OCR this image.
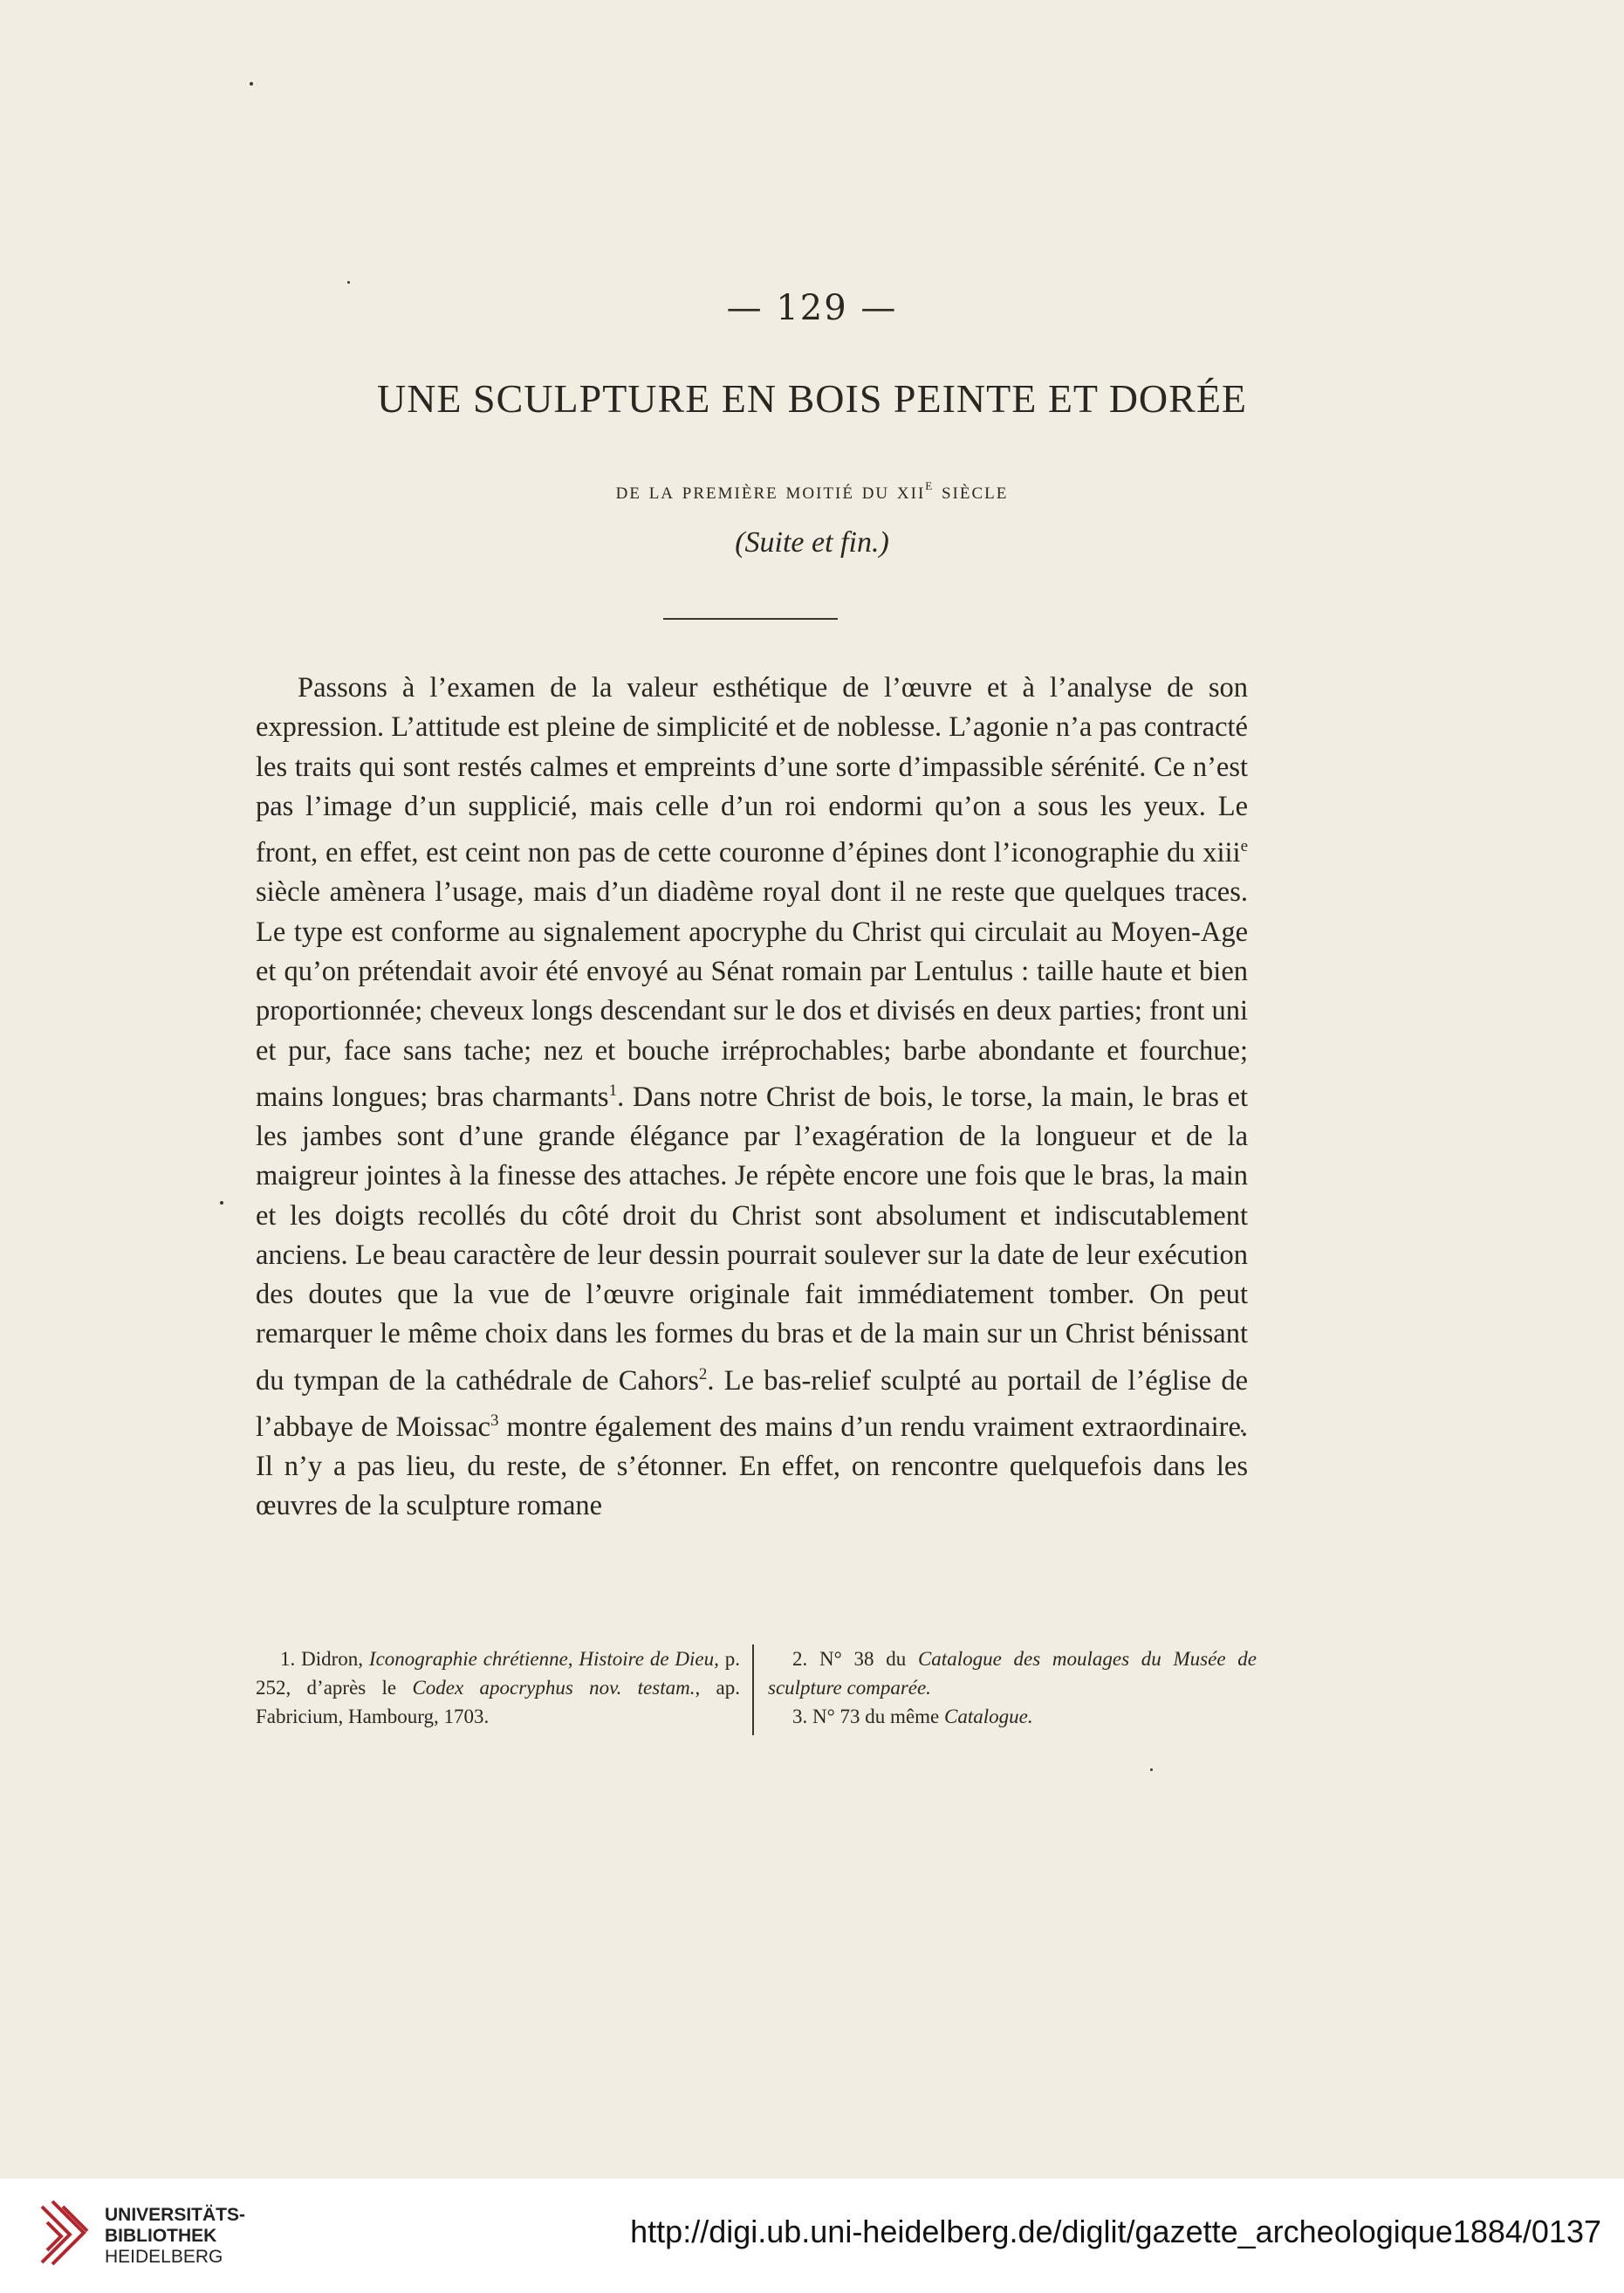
— 129 —
UNE SCULPTURE EN BOIS PEINTE ET DORÉE
de la première moitié du xii$^e$ siècle
(Suite et fin.)

Passons à l’examen de la valeur esthétique de l’œuvre et à l’analyse de son expression. L’attitude est pleine de simplicité et de noblesse. L’agonie n’a pas contracté les traits qui sont restés calmes et empreints d’une sorte d’impassible sérénité. Ce n’est pas l’image d’un supplicié, mais celle d’un roi endormi qu’on a sous les yeux. Le front, en effet, est ceint non pas de cette couronne d’épines dont l’iconographie du xiii$^e$ siècle amènera l’usage, mais d’un diadème royal dont il ne reste que quelques traces. Le type est conforme au signalement apocryphe du Christ qui circulait au Moyen-Age et qu’on prétendait avoir été envoyé au Sénat romain par Lentulus : taille haute et bien proportionnée; cheveux longs descendant sur le dos et divisés en deux parties; front uni et pur, face sans tache; nez et bouche irréprochables; barbe abondante et fourchue; mains longues; bras charmants$^1$. Dans notre Christ de bois, le torse, la main, le bras et les jambes sont d’une grande élégance par l’exagération de la longueur et de la maigreur jointes à la finesse des attaches. Je répète encore une fois que le bras, la main et les doigts recollés du côté droit du Christ sont absolument et indiscutablement anciens. Le beau caractère de leur dessin pourrait soulever sur la date de leur exécution des doutes que la vue de l’œuvre originale fait immédiatement tomber. On peut remarquer le même choix dans les formes du bras et de la main sur un Christ bénissant du tympan de la cathédrale de Cahors$^2$. Le bas-relief sculpté au portail de l’église de l’abbaye de Moissac$^3$ montre également des mains d’un rendu vraiment extraordinaire. Il n’y a pas lieu, du reste, de s’étonner. En effet, on rencontre quelquefois dans les œuvres de la sculpture romane

1. Didron, Iconographie chrétienne, Histoire de Dieu, p. 252, d’après le Codex apocryphus nov. testam., ap. Fabricium, Hambourg, 1703.

2. N° 38 du Catalogue des moulages du Musée de sculpture comparée.

3. N° 73 du même Catalogue.

UNIVERSITÄTS-
BIBLIOTHEK
HEIDELBERG
http://digi.ub.uni-heidelberg.de/diglit/gazette_archeologique1884/0137
